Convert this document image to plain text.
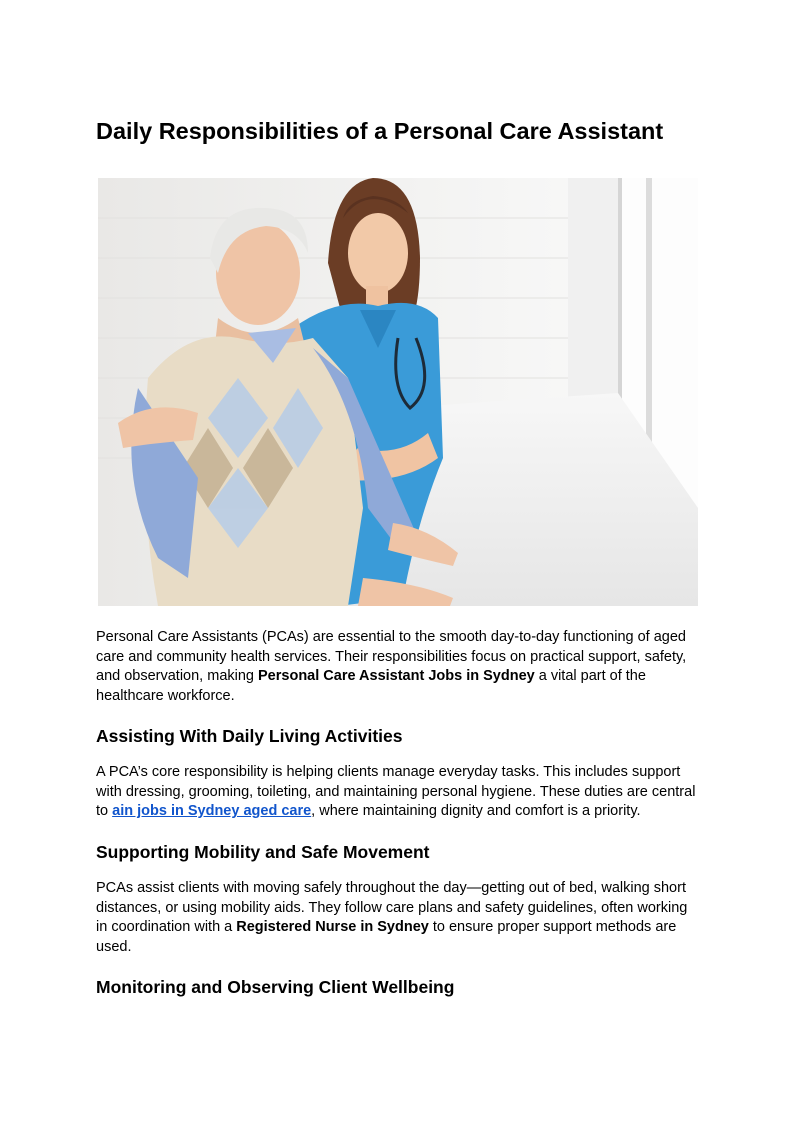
Daily Responsibilities of a Personal Care Assistant

Personal Care Assistants (PCAs) are essential to the smooth day-to-day functioning of aged care and community health services. Their responsibilities focus on practical support, safety, and observation, making Personal Care Assistant Jobs in Sydney a vital part of the healthcare workforce.

Assisting With Daily Living Activities

A PCA’s core responsibility is helping clients manage everyday tasks. This includes support with dressing, grooming, toileting, and maintaining personal hygiene. These duties are central to ain jobs in Sydney aged care, where maintaining dignity and comfort is a priority.

Supporting Mobility and Safe Movement

PCAs assist clients with moving safely throughout the day—getting out of bed, walking short distances, or using mobility aids. They follow care plans and safety guidelines, often working in coordination with a Registered Nurse in Sydney to ensure proper support methods are used.

Monitoring and Observing Client Wellbeing
